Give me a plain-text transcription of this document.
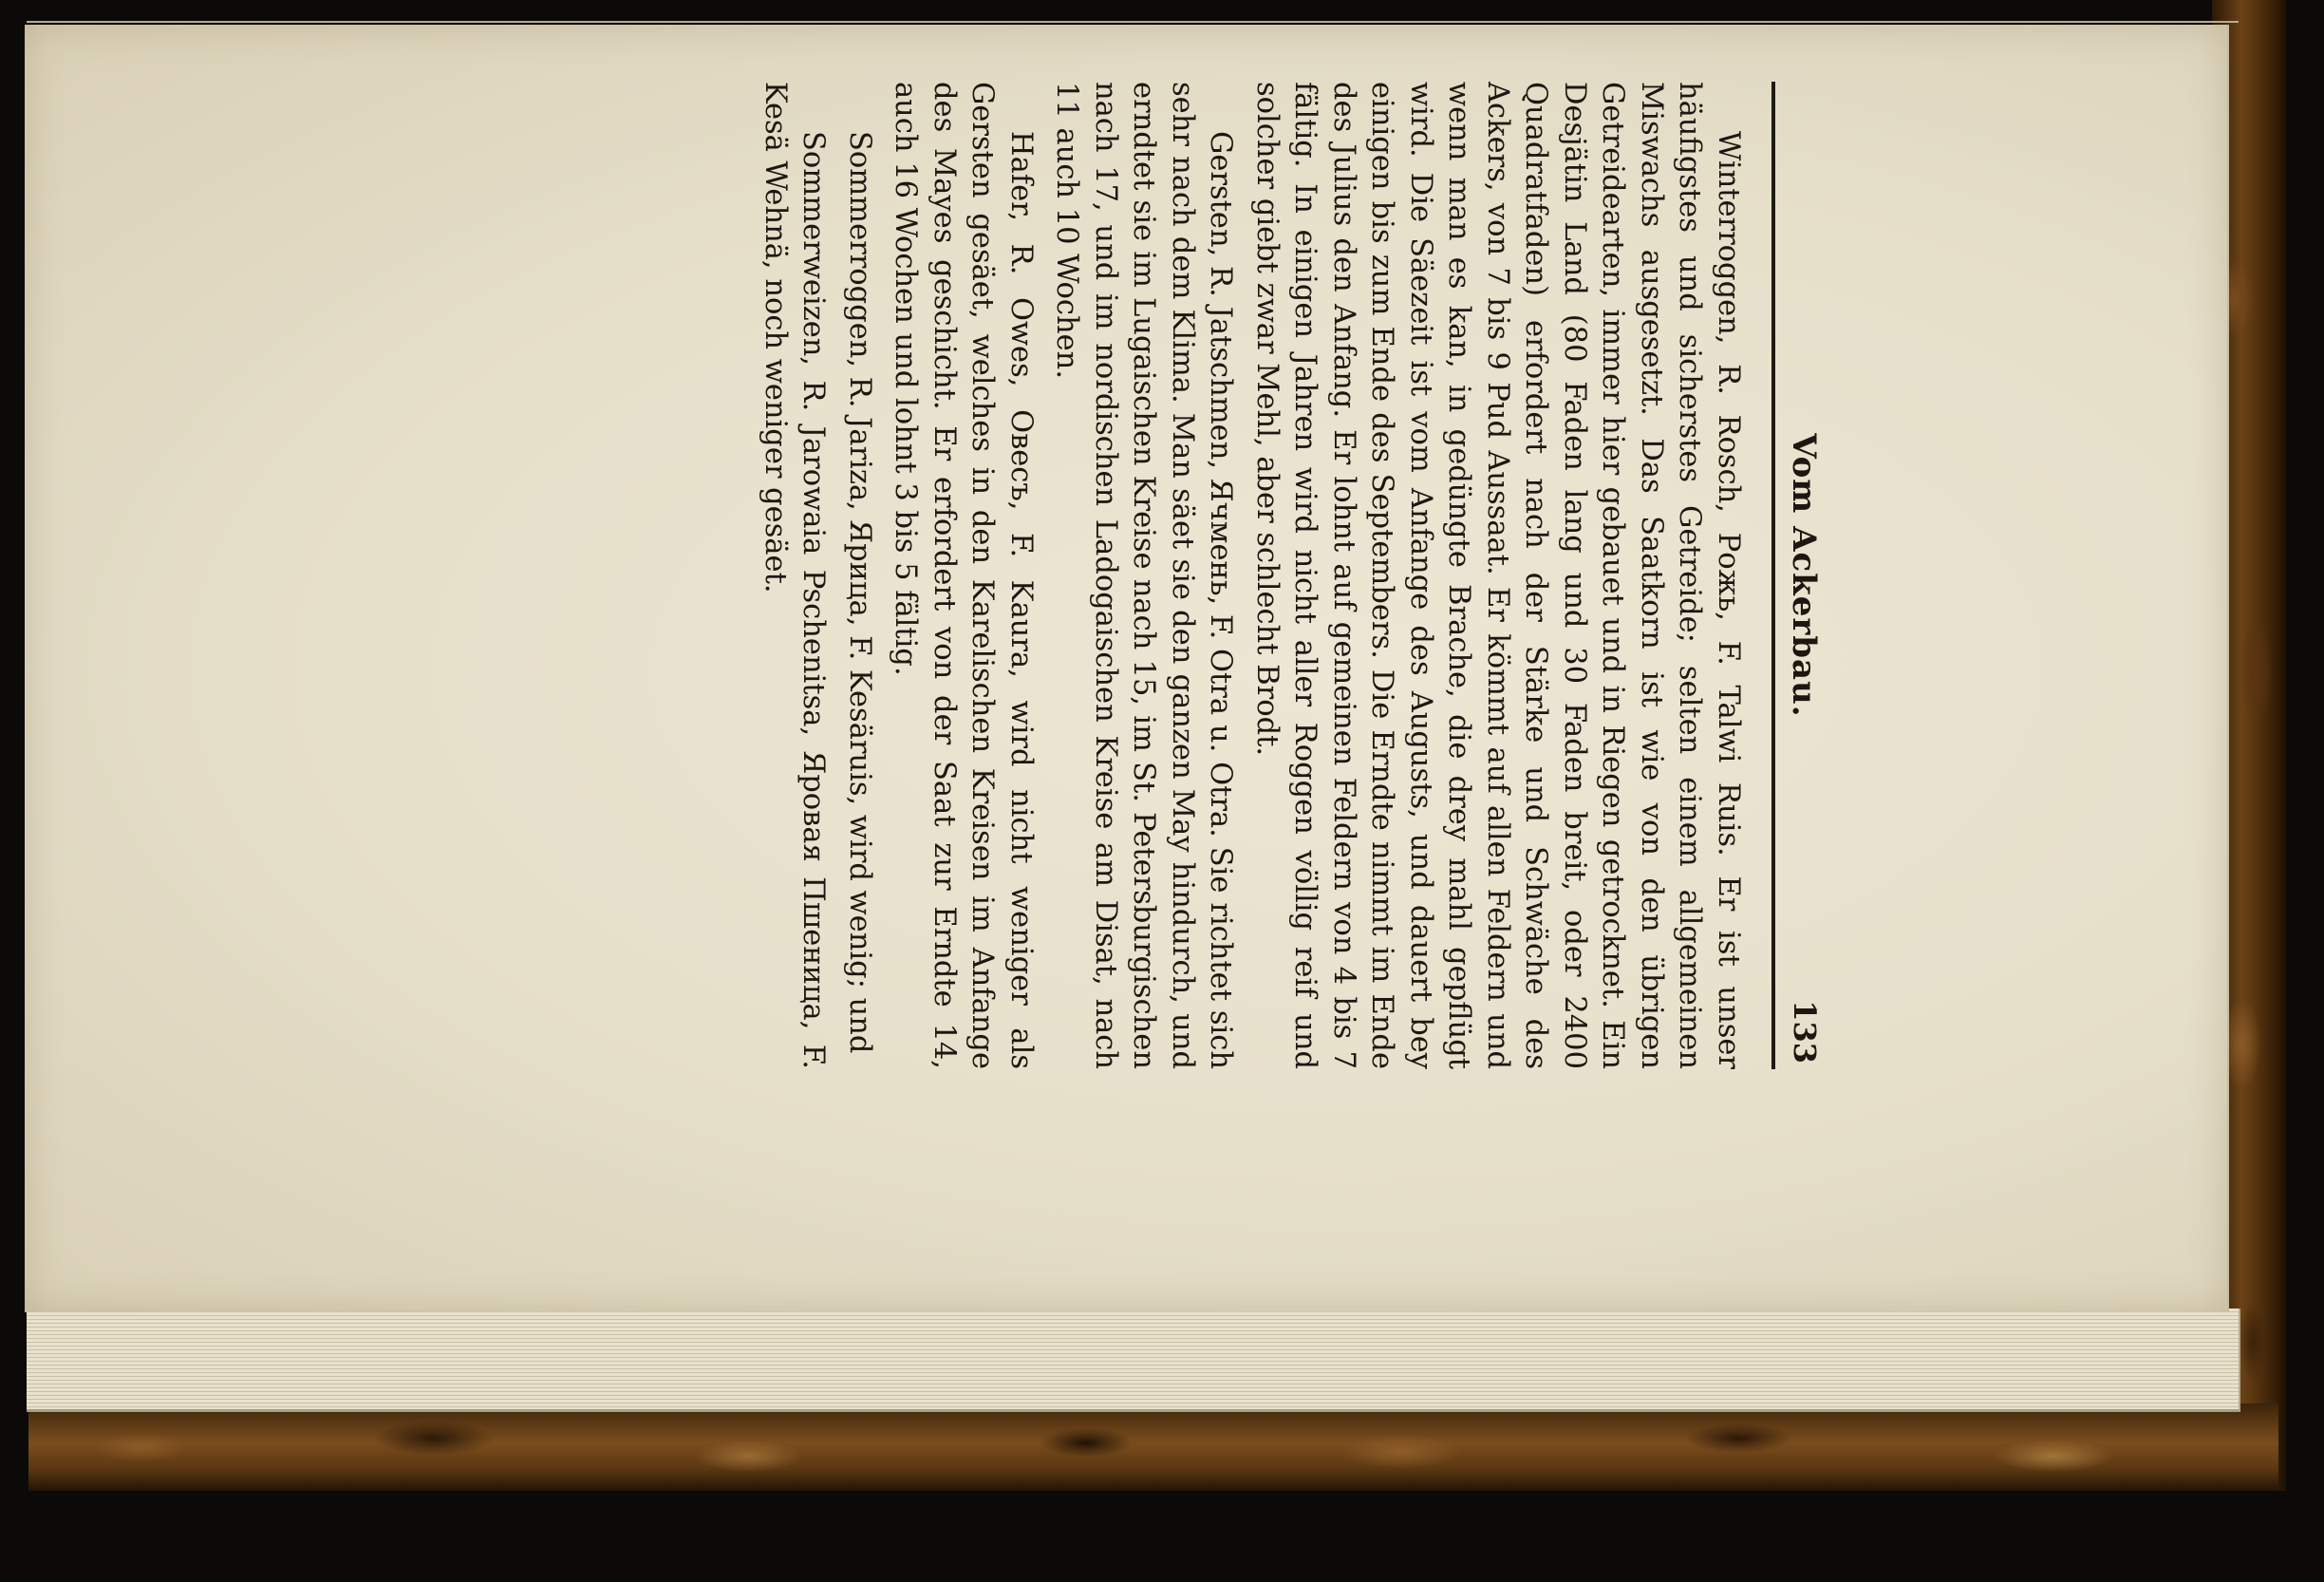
Vom Ackerbau.
133

Winterroggen, R. Rosch, Рожь, F. Talwi Ruis. Er ist unser häufigstes und sicherstes Getreide; selten einem allgemeinen Miswachs ausgesetzt. Das Saatkorn ist wie von den übrigen Getreidearten, immer hier gebauet und in Riegen getrocknet. Ein Desjätin Land (80 Faden lang und 30 Faden breit, oder 2400 Quadratfaden) erfordert nach der Stärke und Schwäche des Ackers, von 7 bis 9 Pud Aussaat. Er kömmt auf allen Feldern und wenn man es kan, in gedüngte Brache, die drey mahl gepflügt wird. Die Säezeit ist vom Anfange des Augusts, und dauert bey einigen bis zum Ende des Septembers. Die Erndte nimmt im Ende des Julius den Anfang. Er lohnt auf gemeinen Feldern von 4 bis 7 fältig. In einigen Jahren wird nicht aller Roggen völlig reif und solcher giebt zwar Mehl, aber schlecht Brodt.

Gersten, R. Jatschmen, Ячмень, F. Otra u. Otra. Sie richtet sich sehr nach dem Klima. Man säet sie den ganzen May hindurch, und erndtet sie im Lugaischen Kreise nach 15, im St. Petersburgischen nach 17, und im nordischen Ladogaischen Kreise am Disat, nach 11 auch 10 Wochen.

Hafer, R. Owes, Овесъ, F. Kaura, wird nicht weniger als Gersten gesäet, welches in den Karelischen Kreisen im Anfange des Mayes geschicht. Er erfordert von der Saat zur Erndte 14, auch 16 Wochen und lohnt 3 bis 5 fältig.

Sommerroggen, R. Jariza, Ярица, F. Kesäruis, wird wenig; und

Sommerweizen, R. Jarowaia Pschenitsa, Яровая Пшеница, F. Kesä Wehnä, noch weniger gesäet.
